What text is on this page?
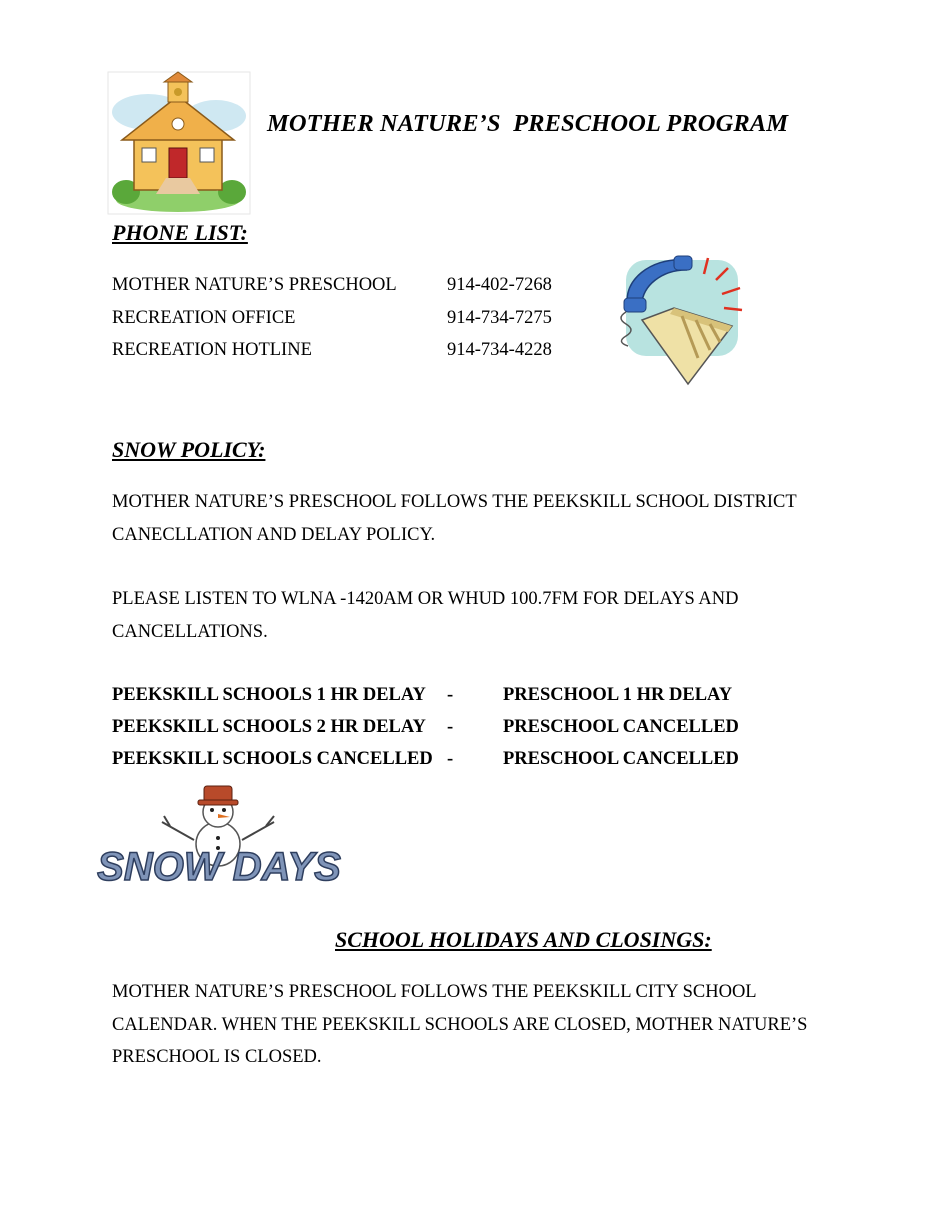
MOTHER NATURE’S  PRESCHOOL PROGRAM
PHONE LIST:
MOTHER NATURE’S PRESCHOOL	914-402-7268
RECREATION OFFICE	914-734-7275
RECREATION HOTLINE	914-734-4228
SNOW POLICY:
MOTHER NATURE’S PRESCHOOL FOLLOWS THE PEEKSKILL SCHOOL DISTRICT
CANECLLATION AND DELAY POLICY.
PLEASE LISTEN TO WLNA -1420AM OR WHUD 100.7FM FOR DELAYS AND
CANCELLATIONS.
PEEKSKILL SCHOOLS 1 HR DELAY -	PRESCHOOL 1 HR DELAY
PEEKSKILL SCHOOLS 2 HR DELAY -	PRESCHOOL CANCELLED
PEEKSKILL SCHOOLS CANCELLED -	PRESCHOOL CANCELLED
SNOW DAYS
SCHOOL HOLIDAYS AND CLOSINGS:
MOTHER NATURE’S PRESCHOOL FOLLOWS THE PEEKSKILL CITY SCHOOL
CALENDAR. WHEN THE PEEKSKILL SCHOOLS ARE CLOSED, MOTHER NATURE’S
PRESCHOOL IS CLOSED.
